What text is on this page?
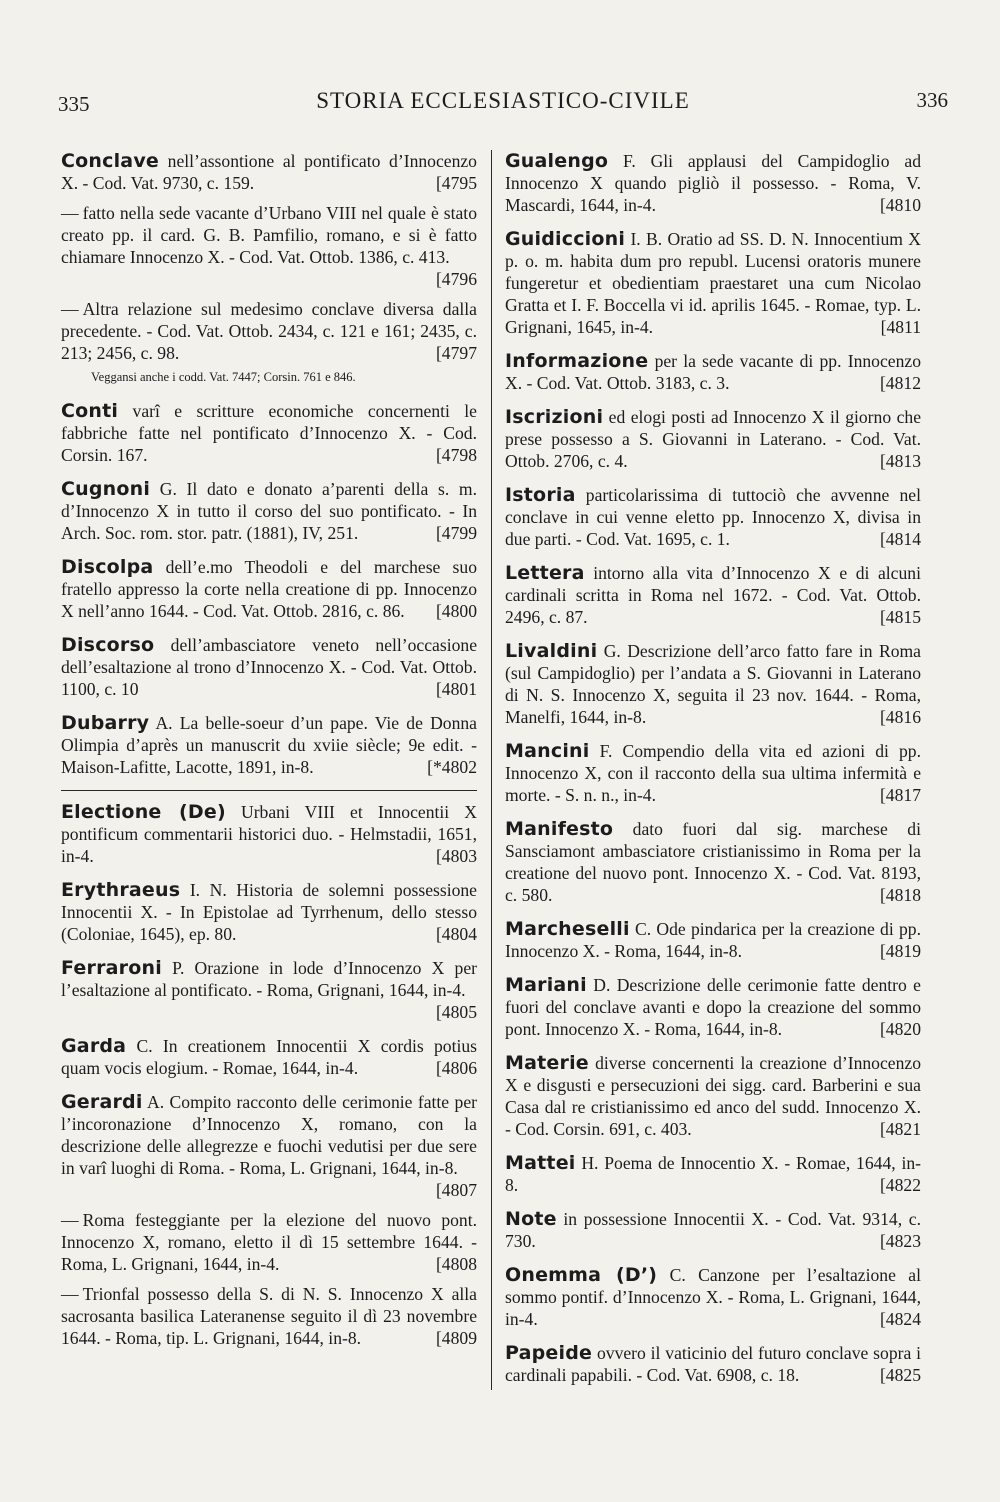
335	STORIA ECCLESIASTICO-CIVILE	336
Conclave nell’assontione al pontificato d’Innocenzo X. - Cod. Vat. 9730, c. 159.	[4795
— fatto nella sede vacante d’Urbano VIII nel quale è stato creato pp. il card. G. B. Pamfilio, romano, e si è fatto chiamare Innocenzo X. - Cod. Vat. Ottob. 1386, c. 413.
[4796
— Altra relazione sul medesimo conclave diversa dalla precedente. - Cod. Vat. Ottob. 2434, c. 121 e 161; 2435, c. 213; 2456, c. 98.	[4797
Veggansi anche i codd. Vat. 7447; Corsin. 761 e 846.
Conti varî e scritture economiche concernenti le fabbriche fatte nel pontificato d’Innocenzo X. - Cod. Corsin. 167.	[4798
Cugnoni G. Il dato e donato a’parenti della s. m. d’Innocenzo X in tutto il corso del suo pontificato. - In Arch. Soc. rom. stor. patr. (1881), IV, 251.	[4799
Discolpa dell’e.mo Theodoli e del marchese suo fratello appresso la corte nella creatione di pp. Innocenzo X nell’anno 1644. - Cod. Vat. Ottob. 2816, c. 86. [4800
Discorso dell’ambasciatore veneto nell’occasione dell’esaltazione al trono d’Innocenzo X. - Cod. Vat. Ottob. 1100, c. 10	[4801
Dubarry A. La belle-soeur d’un pape. Vie de Donna Olimpia d’après un manuscrit du xviie siècle; 9e edit. - Maison-Lafitte, Lacotte, 1891, in-8.	[*4802
Electione (De) Urbani VIII et Innocentii X pontificum commentarii historici duo. - Helmstadii, 1651, in-4.	[4803
Erythraeus I. N. Historia de solemni possessione Innocentii X. - In Epistolae ad Tyrrhenum, dello stesso (Coloniae, 1645), ep. 80.	[4804
Ferraroni P. Orazione in lode d’Innocenzo X per l’esaltazione al pontificato. - Roma, Grignani, 1644, in-4.
[4805
Garda C. In creationem Innocentii X cordis potius quam vocis elogium. - Romae, 1644, in-4.	[4806
Gerardi A. Compito racconto delle cerimonie fatte per l’incoronazione d’Innocenzo X, romano, con la descrizione delle allegrezze e fuochi vedutisi per due sere in varî luoghi di Roma. - Roma, L. Grignani, 1644, in-8.
[4807
— Roma festeggiante per la elezione del nuovo pont. Innocenzo X, romano, eletto il dì 15 settembre 1644. - Roma, L. Grignani, 1644, in-4.	[4808
— Trionfal possesso della S. di N. S. Innocenzo X alla sacrosanta basilica Lateranense seguito il dì 23 novembre 1644. - Roma, tip. L. Grignani, 1644, in-8.	[4809
Gualengo F. Gli applausi del Campidoglio ad Innocenzo X quando pigliò il possesso. - Roma, V. Mascardi, 1644, in-4.	[4810
Guidiccioni I. B. Oratio ad SS. D. N. Innocentium X p. o. m. habita dum pro republ. Lucensi oratoris munere fungeretur et obedientiam praestaret una cum Nicolao Gratta et I. F. Boccella vi id. aprilis 1645. - Romae, typ. L. Grignani, 1645, in-4.	[4811
Informazione per la sede vacante di pp. Innocenzo X. - Cod. Vat. Ottob. 3183, c. 3.	[4812
Iscrizioni ed elogi posti ad Innocenzo X il giorno che prese possesso a S. Giovanni in Laterano. - Cod. Vat. Ottob. 2706, c. 4.	[4813
Istoria particolarissima di tuttociò che avvenne nel conclave in cui venne eletto pp. Innocenzo X, divisa in due parti. - Cod. Vat. 1695, c. 1.	[4814
Lettera intorno alla vita d’Innocenzo X e di alcuni cardinali scritta in Roma nel 1672. - Cod. Vat. Ottob. 2496, c. 87.	[4815
Livaldini G. Descrizione dell’arco fatto fare in Roma (sul Campidoglio) per l’andata a S. Giovanni in Laterano di N. S. Innocenzo X, seguita il 23 nov. 1644. - Roma, Manelfi, 1644, in-8.	[4816
Mancini F. Compendio della vita ed azioni di pp. Innocenzo X, con il racconto della sua ultima infermità e morte. - S. n. n., in-4.	[4817
Manifesto dato fuori dal sig. marchese di Sansciamont ambasciatore cristianissimo in Roma per la creatione del nuovo pont. Innocenzo X. - Cod. Vat. 8193, c. 580.	[4818
Marcheselli C. Ode pindarica per la creazione di pp. Innocenzo X. - Roma, 1644, in-8.	[4819
Mariani D. Descrizione delle cerimonie fatte dentro e fuori del conclave avanti e dopo la creazione del sommo pont. Innocenzo X. - Roma, 1644, in-8.	[4820
Materie diverse concernenti la creazione d’Innocenzo X e disgusti e persecuzioni dei sigg. card. Barberini e sua Casa dal re cristianissimo ed anco del sudd. Innocenzo X. - Cod. Corsin. 691, c. 403.	[4821
Mattei H. Poema de Innocentio X. - Romae, 1644, in-8.	[4822
Note in possessione Innocentii X. - Cod. Vat. 9314, c. 730.	[4823
Onemma (D’) C. Canzone per l’esaltazione al sommo pontif. d’Innocenzo X. - Roma, L. Grignani, 1644, in-4.	[4824
Papeide ovvero il vaticinio del futuro conclave sopra i cardinali papabili. - Cod. Vat. 6908, c. 18.	[4825
